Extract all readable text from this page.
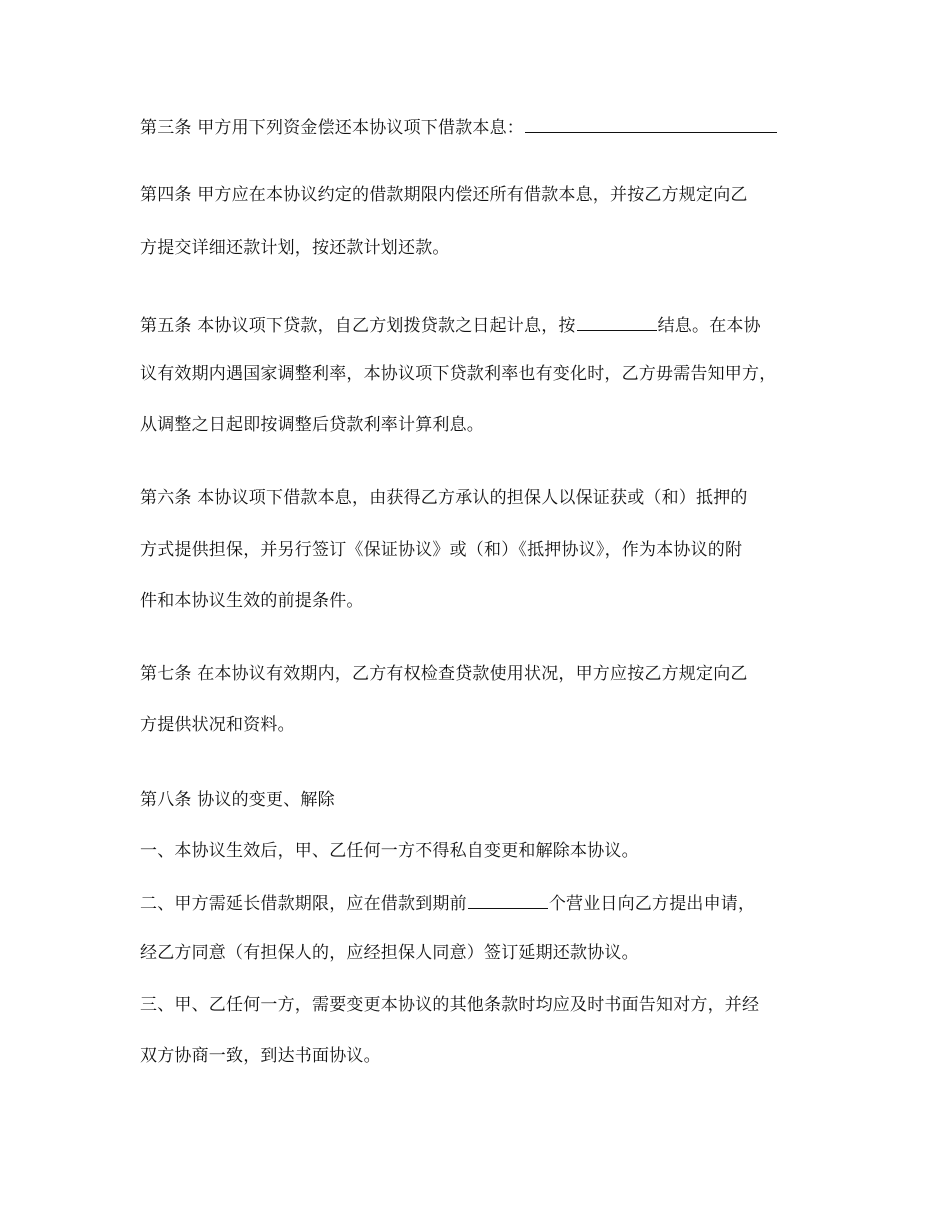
第三条 甲方用下列资金偿还本协议项下借款本息：
第四条 甲方应在本协议约定的借款期限内偿还所有借款本息，并按乙方规定向乙
方提交详细还款计划，按还款计划还款。
第五条 本协议项下贷款，自乙方划拨贷款之日起计息，按	结息。在本协
议有效期内遇国家调整利率，本协议项下贷款利率也有变化时，乙方毋需告知甲方，
从调整之日起即按调整后贷款利率计算利息。
第六条 本协议项下借款本息，由获得乙方承认的担保人以保证获或（和）抵押的
方式提供担保，并另行签订《保证协议》或（和）《抵押协议》，作为本协议的附
件和本协议生效的前提条件。
第七条 在本协议有效期内，乙方有权检查贷款使用状况，甲方应按乙方规定向乙
方提供状况和资料。
第八条 协议的变更、解除
一、本协议生效后，甲、乙任何一方不得私自变更和解除本协议。
二、甲方需延长借款期限，应在借款到期前	个营业日向乙方提出申请，
经乙方同意（有担保人的，应经担保人同意）签订延期还款协议。
三、甲、乙任何一方，需要变更本协议的其他条款时均应及时书面告知对方，并经
双方协商一致，到达书面协议。
